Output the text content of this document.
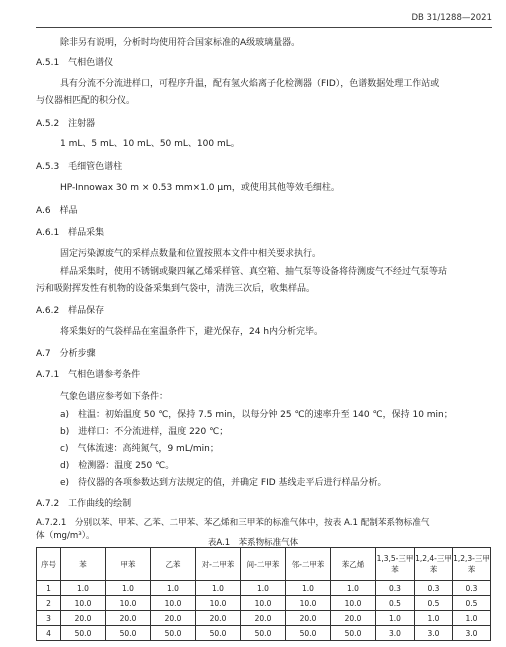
DB 31/1288—2021
除非另有说明，分析时均使用符合国家标准的A级玻璃量器。
A.5.1　气相色谱仪
具有分流不分流进样口，可程序升温，配有氢火焰离子化检测器（FID），色谱数据处理工作站或
与仪器相匹配的积分仪。
A.5.2　注射器
1 mL、5 mL、10 mL、50 mL、100 mL。
A.5.3　毛细管色谱柱
HP-Innowax 30 m × 0.53 mm×1.0 μm，或使用其他等效毛细柱。
A.6　样品
A.6.1　样品采集
固定污染源废气的采样点数量和位置按照本文件中相关要求执行。
样品采集时，使用不锈钢或聚四氟乙烯采样管、真空箱、抽气泵等设备将待测废气不经过气泵等玷
污和吸附挥发性有机物的设备采集到气袋中，清洗三次后，收集样品。
A.6.2　样品保存
将采集好的气袋样品在室温条件下，避光保存，24 h内分析完毕。
A.7　分析步骤
A.7.1　气相色谱参考条件
气象色谱应参考如下条件：
a)　柱温：初始温度 50 ℃，保持 7.5 min，以每分钟 25 ℃的速率升至 140 ℃，保持 10 min；
b)　进样口：不分流进样，温度 220 ℃；
c)　气体流速：高纯氮气，9 mL/min；
d)　检测器：温度 250 ℃。
e)　待仪器的各项参数达到方法规定的值，并确定 FID 基线走平后进行样品分析。
A.7.2　工作曲线的绘制
A.7.2.1　分别以苯、甲苯、乙苯、二甲苯、苯乙烯和三甲苯的标准气体中，按表 A.1 配制苯系物标准气
体（mg/m³）。
表A.1　苯系物标准气体
序号	苯	甲苯	乙苯	对-二甲苯	间-二甲苯	邻-二甲苯	苯乙烯	1,3,5-三甲苯	1,2,4-三甲苯	1,2,3-三甲苯
1	1.0	1.0	1.0	1.0	1.0	1.0	1.0	0.3	0.3	0.3
2	10.0	10.0	10.0	10.0	10.0	10.0	10.0	0.5	0.5	0.5
3	20.0	20.0	20.0	20.0	20.0	20.0	20.0	1.0	1.0	1.0
4	50.0	50.0	50.0	50.0	50.0	50.0	50.0	3.0	3.0	3.0
